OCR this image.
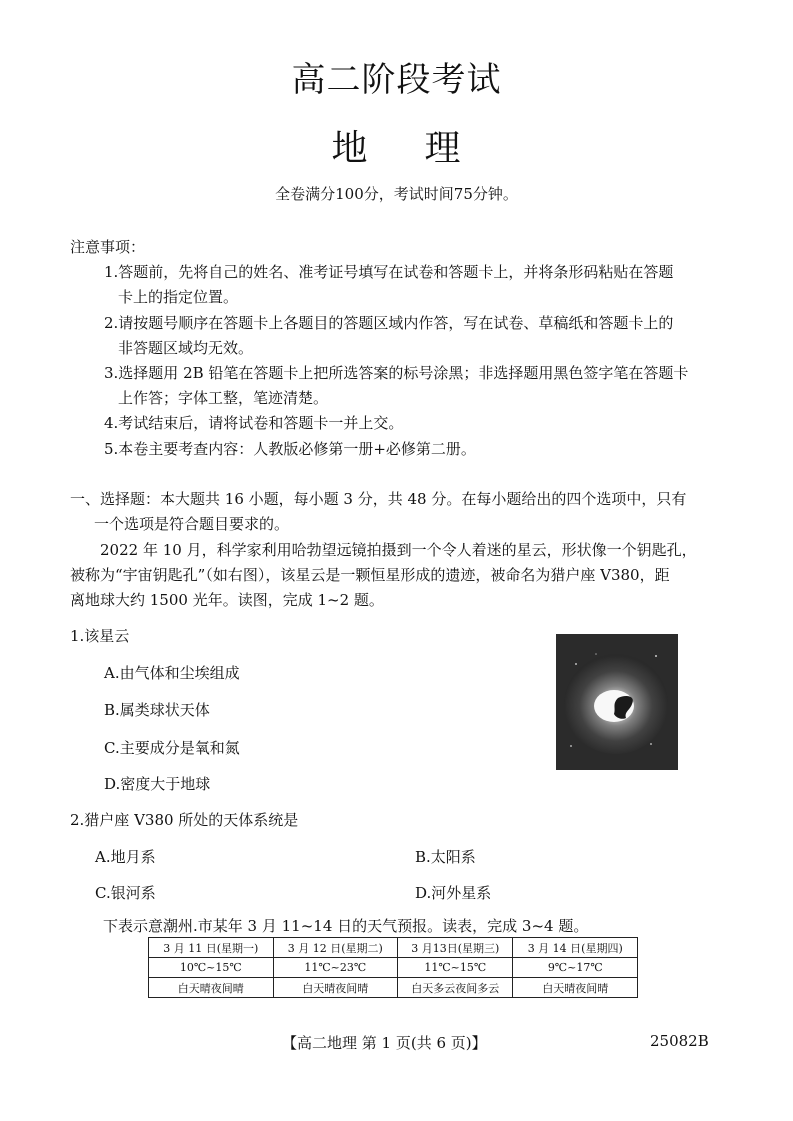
高二阶段考试
地 理
全卷满分100分，考试时间75分钟。
注意事项：
1.答题前，先将自己的姓名、准考证号填写在试卷和答题卡上，并将条形码粘贴在答题
卡上的指定位置。
2.请按题号顺序在答题卡上各题目的答题区域内作答，写在试卷、草稿纸和答题卡上的
非答题区域均无效。
3.选择题用 2B 铅笔在答题卡上把所选答案的标号涂黑；非选择题用黑色签字笔在答题卡
上作答；字体工整，笔迹清楚。
4.考试结束后，请将试卷和答题卡一并上交。
5.本卷主要考查内容：人教版必修第一册+必修第二册。
一、选择题：本大题共 16 小题，每小题 3 分，共 48 分。在每小题给出的四个选项中，只有
一个选项是符合题目要求的。
2022 年 10 月，科学家利用哈勃望远镜拍摄到一个令人着迷的星云，形状像一个钥匙孔，
被称为“宇宙钥匙孔”（如右图），该星云是一颗恒星形成的遗迹，被命名为猎户座 V380，距
离地球大约 1500 光年。读图，完成 1~2 题。
1.该星云
A.由气体和尘埃组成
B.属类球状天体
C.主要成分是氧和氮
D.密度大于地球
2.猎户座 V380 所处的天体系统是
A.地月系	B.太阳系
C.银河系	D.河外星系
下表示意潮州.市某年 3 月 11~14 日的天气预报。读表，完成 3~4 题。
3 月 11 日(星期一)	3 月 12 日(星期二)	3 月13日(星期三)	3 月 14 日(星期四)
10℃~15℃	11℃~23℃	11℃~15℃	9℃~17℃
白天晴夜间晴	白天晴夜间晴	白天多云夜间多云	白天晴夜间晴
【高二地理 第 1 页(共 6 页)】	25082B
